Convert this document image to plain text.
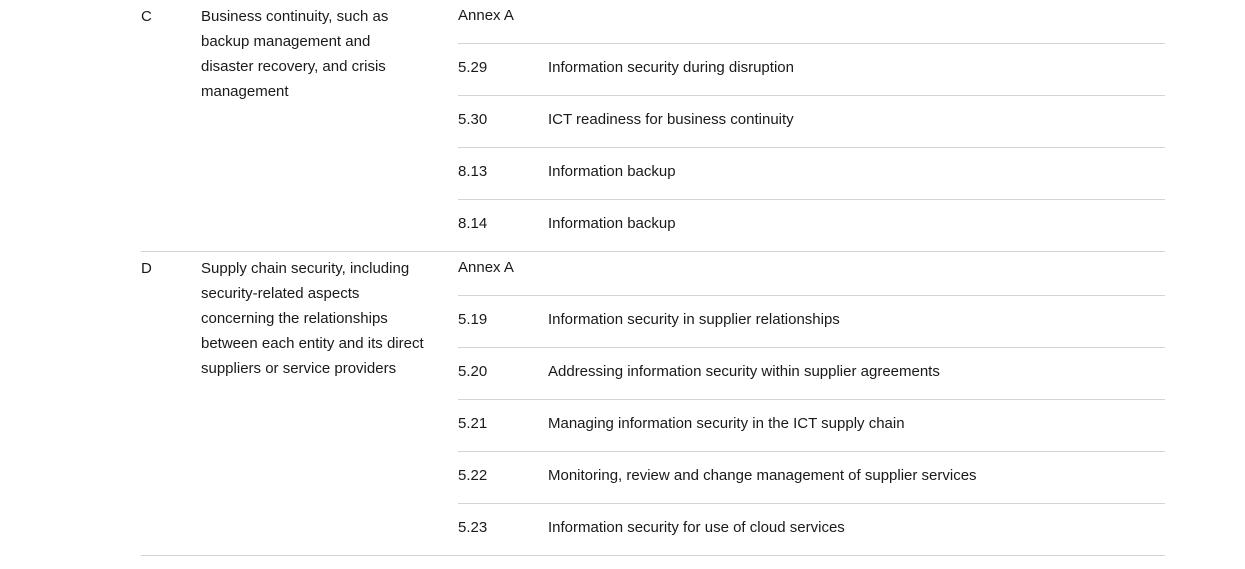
C	Business continuity, such as backup management and disaster recovery, and crisis management
Annex A
5.29	Information security during disruption
5.30	ICT readiness for business continuity
8.13	Information backup
8.14	Information backup
D	Supply chain security, including security-related aspects concerning the relationships between each entity and its direct suppliers or service providers
Annex A
5.19	Information security in supplier relationships
5.20	Addressing information security within supplier agreements
5.21	Managing information security in the ICT supply chain
5.22	Monitoring, review and change management of supplier services
5.23	Information security for use of cloud services
